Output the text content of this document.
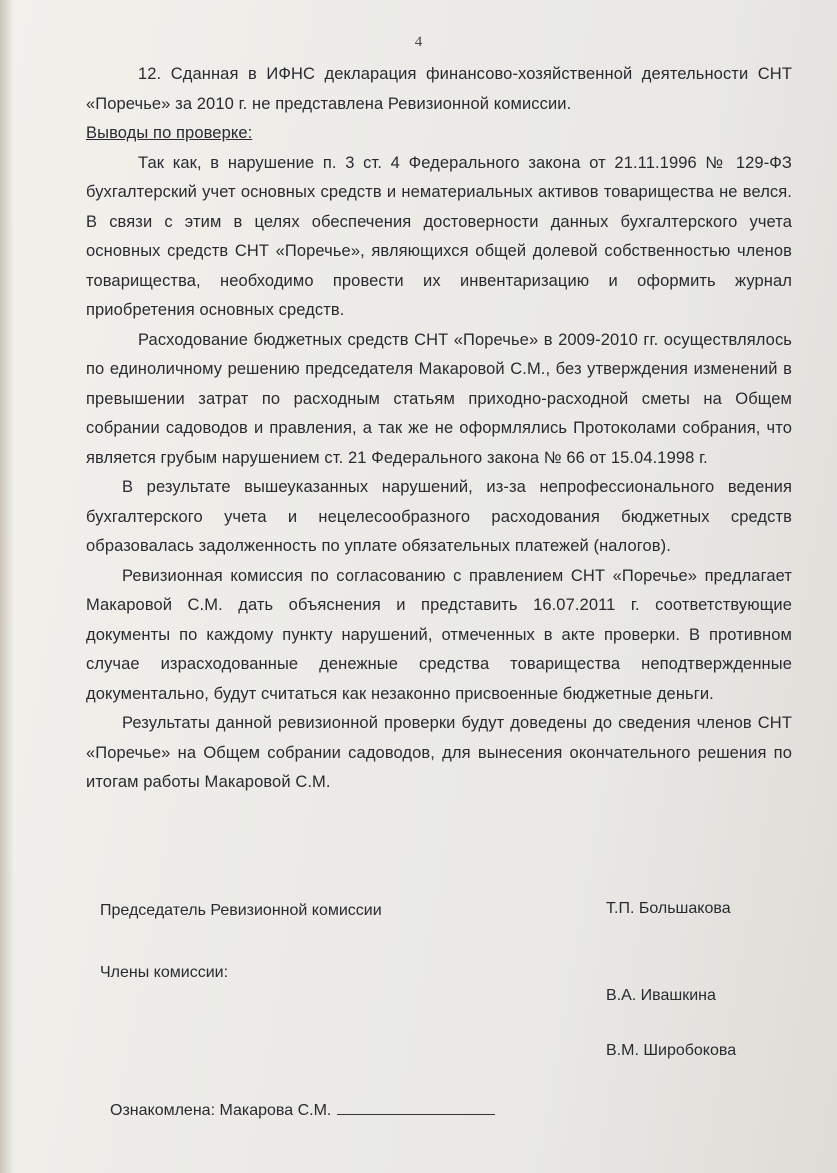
4

12. Сданная в ИФНС декларация финансово-хозяйственной деятельности СНТ «Поречье» за 2010 г. не представлена Ревизионной комиссии.

Выводы по проверке:

Так как, в нарушение п. 3 ст. 4 Федерального закона от 21.11.1996 № 129-ФЗ бухгалтерский учет основных средств и нематериальных активов товарищества не велся. В связи с этим в целях обеспечения достоверности данных бухгалтерского учета основных средств СНТ «Поречье», являющихся общей долевой собственностью членов товарищества, необходимо провести их инвентаризацию и оформить журнал приобретения основных средств.

Расходование бюджетных средств СНТ «Поречье» в 2009-2010 гг. осуществлялось по единоличному решению председателя Макаровой С.М., без утверждения изменений в превышении затрат по расходным статьям приходно-расходной сметы на Общем собрании садоводов и правления, а так же не оформлялись Протоколами собрания, что является грубым нарушением ст. 21 Федерального закона № 66 от 15.04.1998 г.

В результате вышеуказанных нарушений, из-за непрофессионального ведения бухгалтерского учета и нецелесообразного расходования бюджетных средств образовалась задолженность по уплате обязательных платежей (налогов).

Ревизионная комиссия по согласованию с правлением СНТ «Поречье» предлагает Макаровой С.М. дать объяснения и представить 16.07.2011 г. соответствующие документы по каждому пункту нарушений, отмеченных в акте проверки. В противном случае израсходованные денежные средства товарищества неподтвержденные документально, будут считаться как незаконно присвоенные бюджетные деньги.

Результаты данной ревизионной проверки будут доведены до сведения членов СНТ «Поречье» на Общем собрании садоводов, для вынесения окончательного решения по итогам работы Макаровой С.М.

Председатель Ревизионной комиссии	Т.П. Большакова
Члены комиссии:
В.А. Ивашкина
В.М. Широбокова
Ознакомлена: Макарова С.М.
